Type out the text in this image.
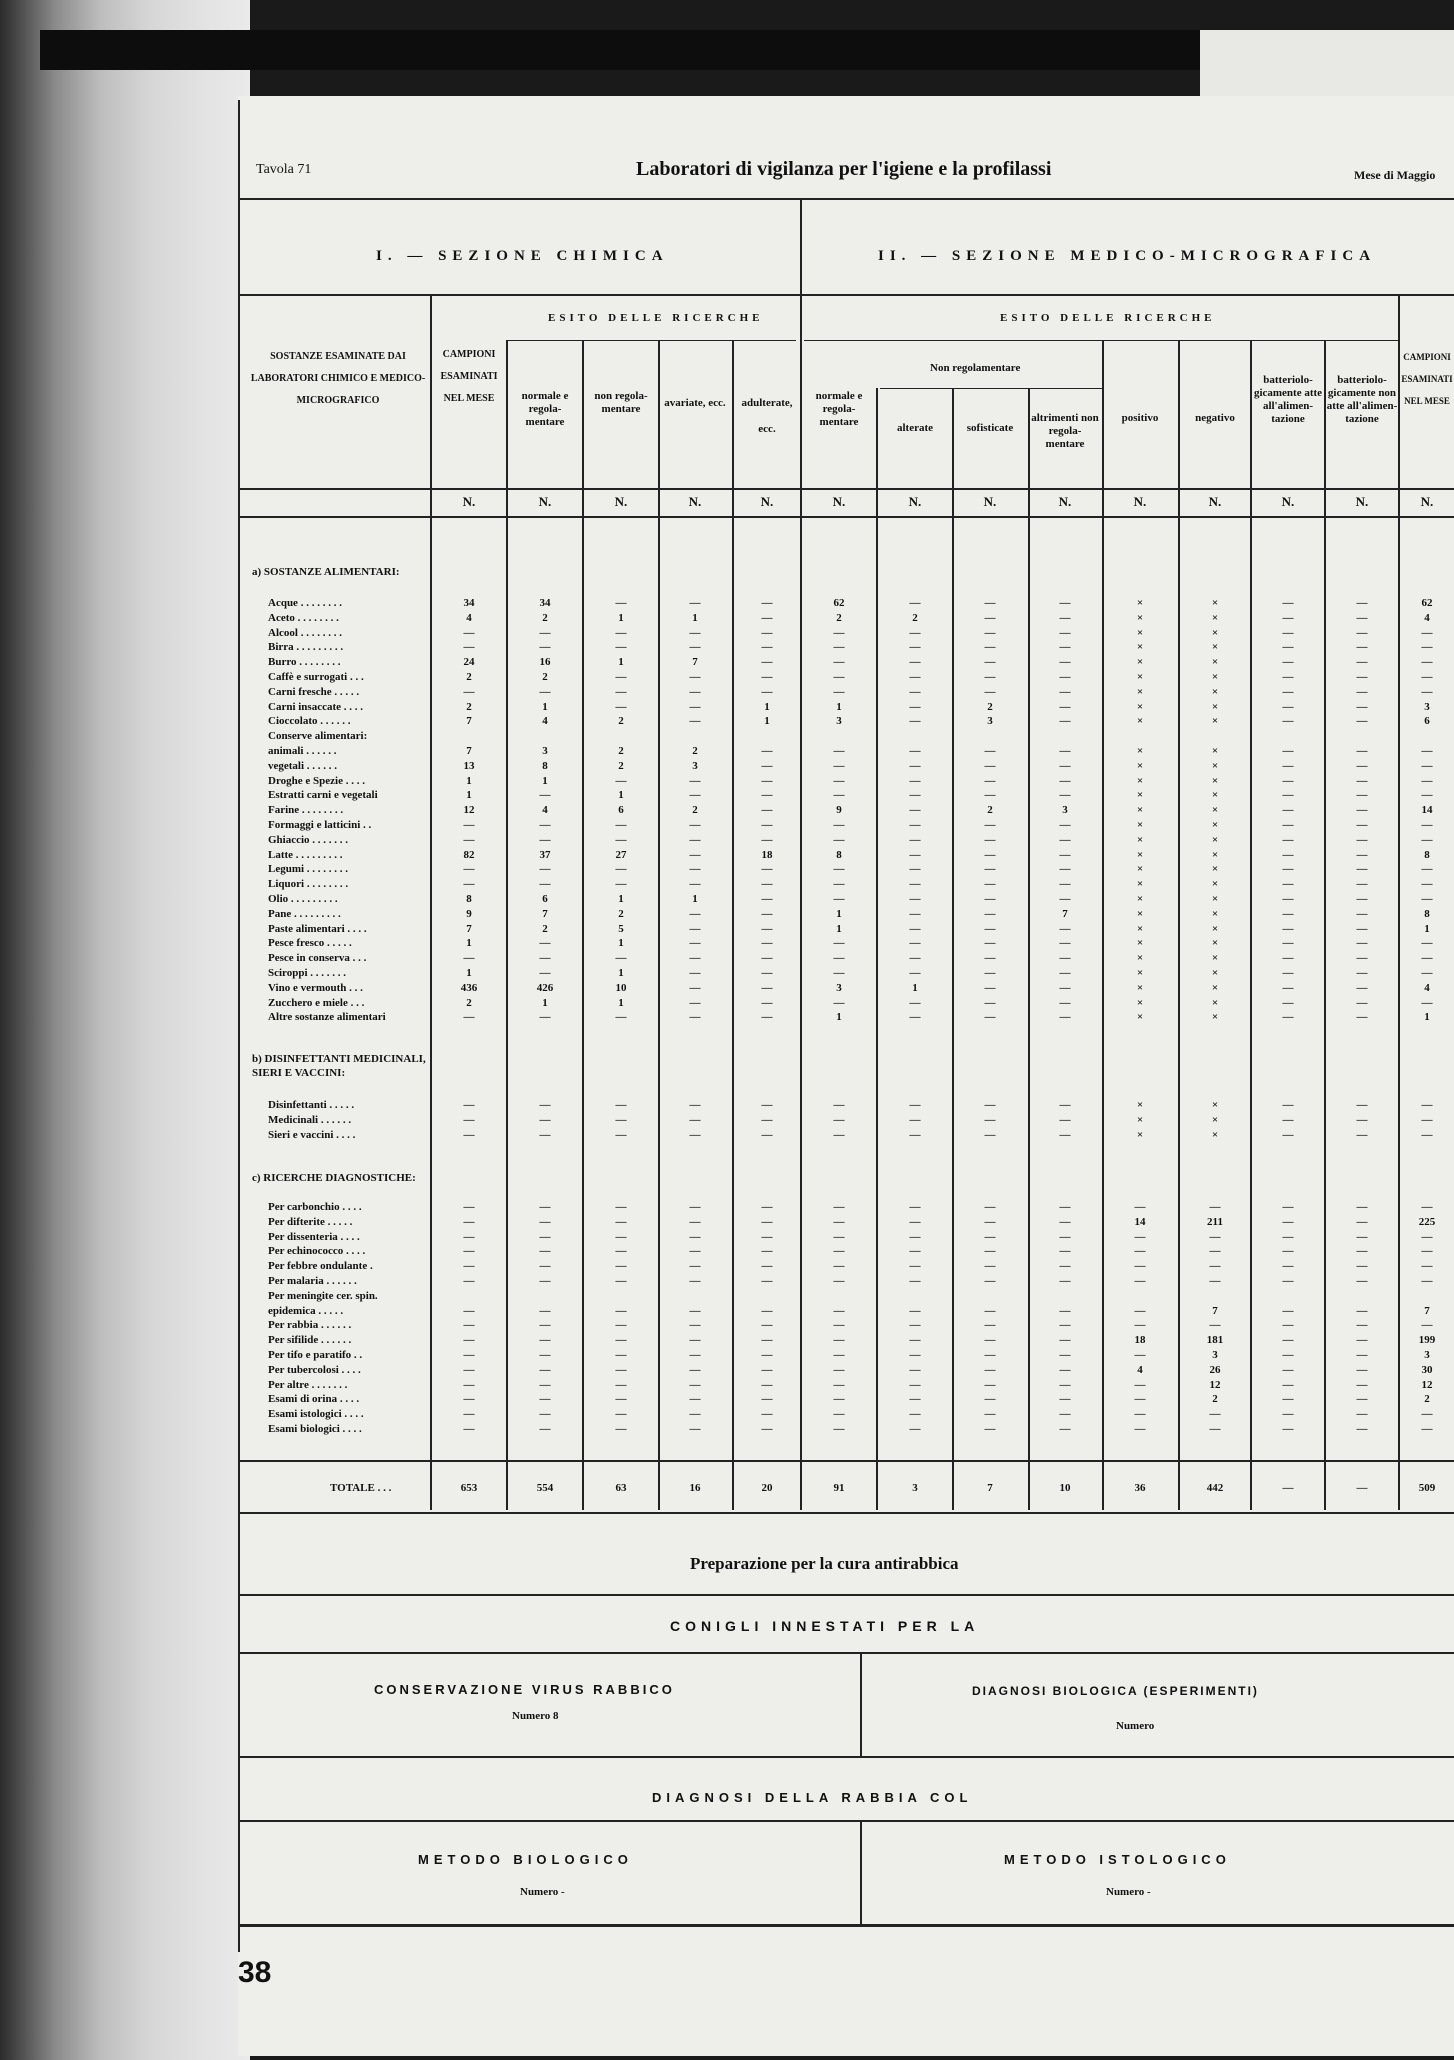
Tavola 71	Laboratori di vigilanza per l'igiene e la profilassi	Mese di Maggio
I. — SEZIONE CHIMICA	II. — SEZIONE MEDICO-MICROGRAFICA
ESITO DELLE RICERCHE	ESITO DELLE RICERCHE
Non regolamentare
SOSTANZE ESAMINATE DAI LABORATORI CHIMICO E MEDICO-MICROGRAFICO
CAMPIONI ESAMINATI NEL MESE	normale e regola-mentare
non regola-mentare	avariate, ecc.	adulterate, ecc.
normale e regola-mentare	alterate	sofisticate
altrimenti non regola-mentare
positivo	negativo
batteriolo-gicamente atte all'alimen-tazione
batteriolo-gicamente non atte all'alimen-tazione
CAMPIONI ESAMINATI NEL MESE
N.	N.	N.	N.	N.	N.	N.	N.	N.	N.	N.	N.	N.	N.
a) SOSTANZE ALIMENTARI:
b) DISINFETTANTI MEDICINALI, SIERI E VACCINI:
c) RICERCHE DIAGNOSTICHE:
Acque . . . . . . . .	34	34	—	—	—	62	—	—	—	×	×	—	—	62
Aceto . . . . . . . .	4	2	1	1	—	2	2	—	—	×	×	—	—	4
Alcool . . . . . . . .	—	—	—	—	—	—	—	—	—	×	×	—	—	—
Birra . . . . . . . . .	—	—	—	—	—	—	—	—	—	×	×	—	—	—
Burro . . . . . . . .	24	16	1	7	—	—	—	—	—	×	×	—	—	—
Caffè e surrogati . . .	2	2	—	—	—	—	—	—	—	×	×	—	—	—
Carni fresche . . . . .	—	—	—	—	—	—	—	—	—	×	×	—	—	—
Carni insaccate . . . .	2	1	—	—	1	1	—	2	—	×	×	—	—	3
Cioccolato . . . . . .	7	4	2	—	1	3	—	3	—	×	×	—	—	6
Conserve alimentari:
animali . . . . . .	7	3	2	2	—	—	—	—	—	×	×	—	—	—
vegetali . . . . . .	13	8	2	3	—	—	—	—	—	×	×	—	—	—
Droghe e Spezie . . . .	1	1	—	—	—	—	—	—	—	×	×	—	—	—
Estratti carni e vegetali	1	—	1	—	—	—	—	—	—	×	×	—	—	—
Farine . . . . . . . .	12	4	6	2	—	9	—	2	3	×	×	—	—	14
Formaggi e latticini . .	—	—	—	—	—	—	—	—	—	×	×	—	—	—
Ghiaccio . . . . . . .	—	—	—	—	—	—	—	—	—	×	×	—	—	—
Latte . . . . . . . . .	82	37	27	—	18	8	—	—	—	×	×	—	—	8
Legumi . . . . . . . .	—	—	—	—	—	—	—	—	—	×	×	—	—	—
Liquori . . . . . . . .	—	—	—	—	—	—	—	—	—	×	×	—	—	—
Olio . . . . . . . . .	8	6	1	1	—	—	—	—	—	×	×	—	—	—
Pane . . . . . . . . .	9	7	2	—	—	1	—	—	7	×	×	—	—	8
Paste alimentari . . . .	7	2	5	—	—	1	—	—	—	×	×	—	—	1
Pesce fresco . . . . .	1	—	1	—	—	—	—	—	—	×	×	—	—	—
Pesce in conserva . . .	—	—	—	—	—	—	—	—	—	×	×	—	—	—
Sciroppi . . . . . . .	1	—	1	—	—	—	—	—	—	×	×	—	—	—
Vino e vermouth . . .	436	426	10	—	—	3	1	—	—	×	×	—	—	4
Zucchero e miele . . .	2	1	1	—	—	—	—	—	—	×	×	—	—	—
Altre sostanze alimentari	—	—	—	—	—	1	—	—	—	×	×	—	—	1
Disinfettanti . . . . .	—	—	—	—	—	—	—	—	—	×	×	—	—	—
Medicinali . . . . . .	—	—	—	—	—	—	—	—	—	×	×	—	—	—
Sieri e vaccini . . . .	—	—	—	—	—	—	—	—	—	×	×	—	—	—
Per carbonchio . . . .	—	—	—	—	—	—	—	—	—	—	—	—	—	—
Per difterite . . . . .	—	—	—	—	—	—	—	—	—	14	211	—	—	225
Per dissenteria . . . .	—	—	—	—	—	—	—	—	—	—	—	—	—	—
Per echinococco . . . .	—	—	—	—	—	—	—	—	—	—	—	—	—	—
Per febbre ondulante .	—	—	—	—	—	—	—	—	—	—	—	—	—	—
Per malaria . . . . . .	—	—	—	—	—	—	—	—	—	—	—	—	—	—
Per meningite cer. spin.
epidemica . . . . .	—	—	—	—	—	—	—	—	—	—	7	—	—	7
Per rabbia . . . . . .	—	—	—	—	—	—	—	—	—	—	—	—	—	—
Per sifilide . . . . . .	—	—	—	—	—	—	—	—	—	18	181	—	—	199
Per tifo e paratifo . .	—	—	—	—	—	—	—	—	—	—	3	—	—	3
Per tubercolosi . . . .	—	—	—	—	—	—	—	—	—	4	26	—	—	30
Per altre . . . . . . .	—	—	—	—	—	—	—	—	—	—	12	—	—	12
Esami di orina . . . .	—	—	—	—	—	—	—	—	—	—	2	—	—	2
Esami istologici . . . .	—	—	—	—	—	—	—	—	—	—	—	—	—	—
Esami biologici . . . .	—	—	—	—	—	—	—	—	—	—	—	—	—	—
TOTALE . . .	653	554	63	16	20	91	3	7	10	36	442	—	—	509
Preparazione per la cura antirabbica
CONIGLI INNESTATI PER LA
CONSERVAZIONE VIRUS RABBICO
Numero 8
DIAGNOSI BIOLOGICA (ESPERIMENTI)
Numero
DIAGNOSI DELLA RABBIA COL
METODO BIOLOGICO
Numero -
METODO ISTOLOGICO
Numero -
38
